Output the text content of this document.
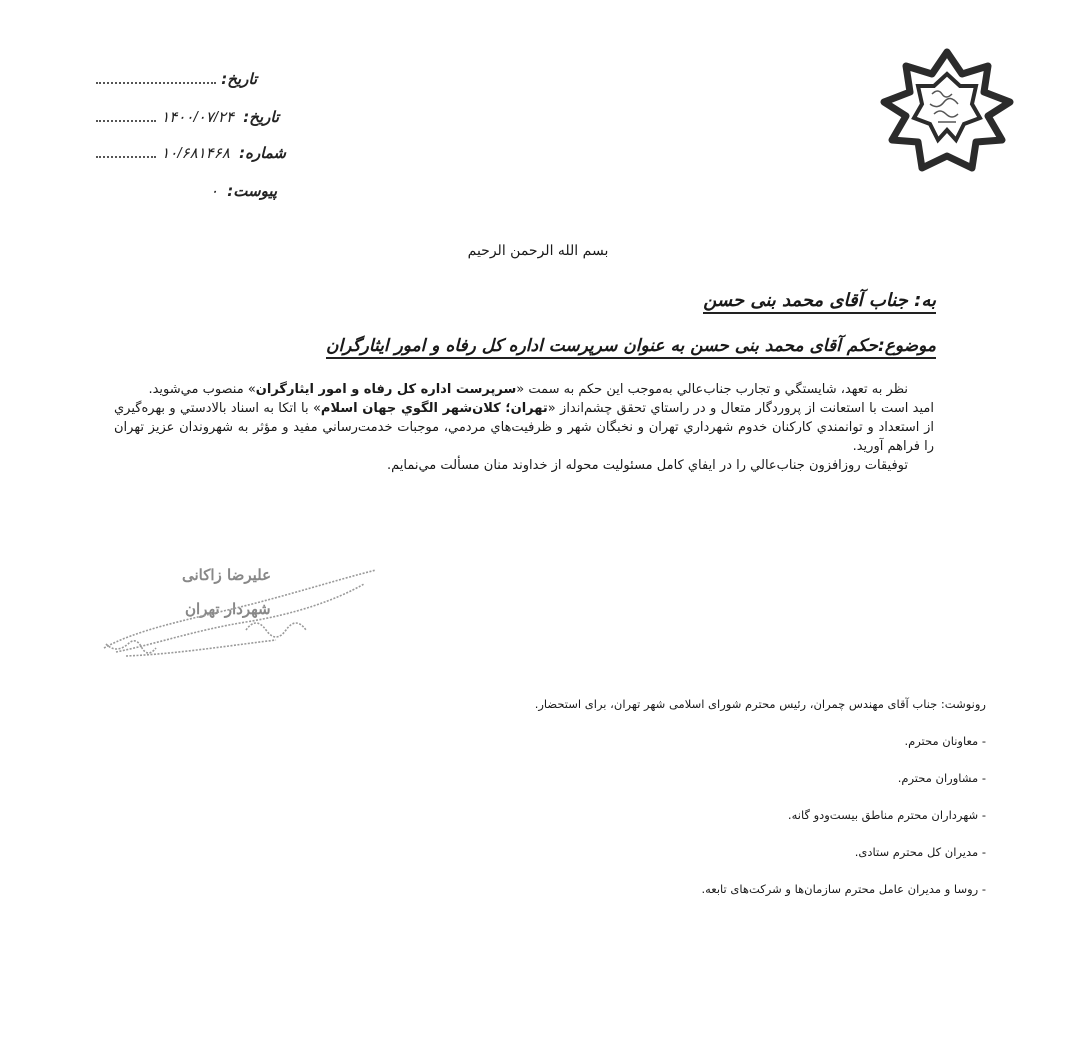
تاریخ:
تاریخ: ۱۴۰۰/۰۷/۲۴
شماره: ۱۰/۶۸۱۴۶۸
پیوست: ۰
بسم الله الرحمن الرحیم
به: جناب آقای محمد بنی حسن
موضوع:حکم آقای محمد بنی حسن به عنوان سرپرست اداره کل رفاه و امور ایثارگران

نظر به تعهد، شایستگي و تجارب جناب‌عالي به‌موجب این حکم به سمت «سرپرست اداره کل رفاه و امور ایثارگران» منصوب مي‌شوید.

امید است با استعانت از پروردگار متعال و در راستاي تحقق چشم‌انداز «تهران؛ کلان‌شهر الگوي جهان اسلام» با اتکا به اسناد بالادستي و بهره‌گیري از استعداد و توانمندي کارکنان خدوم شهرداري تهران و نخبگان شهر و ظرفیت‌هاي مردمي، موجبات خدمت‌رساني مفید و مؤثر به شهروندان عزیز تهران را فراهم آورید.

توفیقات روزافزون جناب‌عالي را در ایفاي کامل مسئولیت محوله از خداوند منان مسألت مي‌نمایم.

علیرضا زاکانی
شهردار تهران
رونوشت: جناب آقای مهندس چمران، رئیس محترم شورای اسلامی شهر تهران، برای استحضار.
- معاونان محترم.
- مشاوران محترم.
- شهرداران محترم مناطق بیست‌ودو گانه.
- مدیران کل محترم ستادی.
- روسا و مدیران عامل محترم سازمان‌ها و شرکت‌های تابعه.
